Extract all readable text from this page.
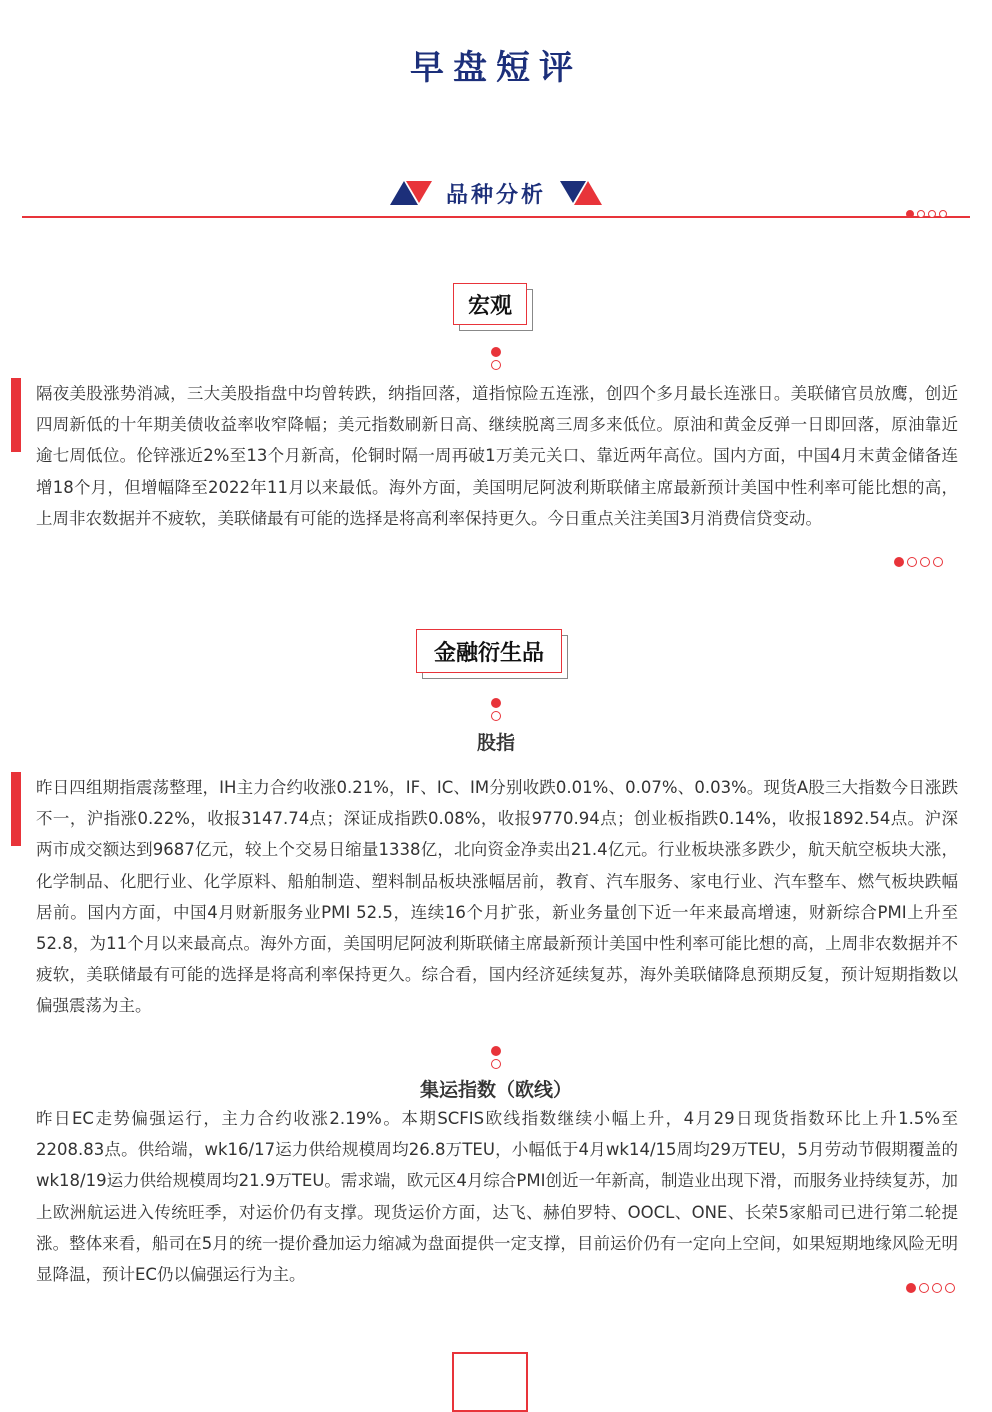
早盘短评
品种分析
宏观
隔夜美股涨势消减，三大美股指盘中均曾转跌，纳指回落，道指惊险五连涨，创四个多月最长连涨日。美联储官员放鹰，创近四周新低的十年期美债收益率收窄降幅；美元指数刷新日高、继续脱离三周多来低位。原油和黄金反弹一日即回落，原油靠近逾七周低位。伦锌涨近2%至13个月新高，伦铜时隔一周再破1万美元关口、靠近两年高位。国内方面，中国4月末黄金储备连增18个月，但增幅降至2022年11月以来最低。海外方面，美国明尼阿波利斯联储主席最新预计美国中性利率可能比想的高，上周非农数据并不疲软，美联储最有可能的选择是将高利率保持更久。今日重点关注美国3月消费信贷变动。
金融衍生品
股指
昨日四组期指震荡整理，IH主力合约收涨0.21%，IF、IC、IM分别收跌0.01%、0.07%、0.03%。现货A股三大指数今日涨跌不一，沪指涨0.22%，收报3147.74点；深证成指跌0.08%，收报9770.94点；创业板指跌0.14%，收报1892.54点。沪深两市成交额达到9687亿元，较上个交易日缩量1338亿，北向资金净卖出21.4亿元。行业板块涨多跌少，航天航空板块大涨，化学制品、化肥行业、化学原料、船舶制造、塑料制品板块涨幅居前，教育、汽车服务、家电行业、汽车整车、燃气板块跌幅居前。国内方面，中国4月财新服务业PMI 52.5，连续16个月扩张，新业务量创下近一年来最高增速，财新综合PMI上升至52.8，为11个月以来最高点。海外方面，美国明尼阿波利斯联储主席最新预计美国中性利率可能比想的高，上周非农数据并不疲软，美联储最有可能的选择是将高利率保持更久。综合看，国内经济延续复苏，海外美联储降息预期反复，预计短期指数以偏强震荡为主。
集运指数（欧线）
昨日EC走势偏强运行，主力合约收涨2.19%。本期SCFIS欧线指数继续小幅上升，4月29日现货指数环比上升1.5%至2208.83点。供给端，wk16/17运力供给规模周均26.8万TEU，小幅低于4月wk14/15周均29万TEU，5月劳动节假期覆盖的wk18/19运力供给规模周均21.9万TEU。需求端，欧元区4月综合PMI创近一年新高，制造业出现下滑，而服务业持续复苏，加上欧洲航运进入传统旺季，对运价仍有支撑。现货运价方面，达飞、赫伯罗特、OOCL、ONE、长荣5家船司已进行第二轮提涨。整体来看，船司在5月的统一提价叠加运力缩减为盘面提供一定支撑，目前运价仍有一定向上空间，如果短期地缘风险无明显降温，预计EC仍以偏强运行为主。
